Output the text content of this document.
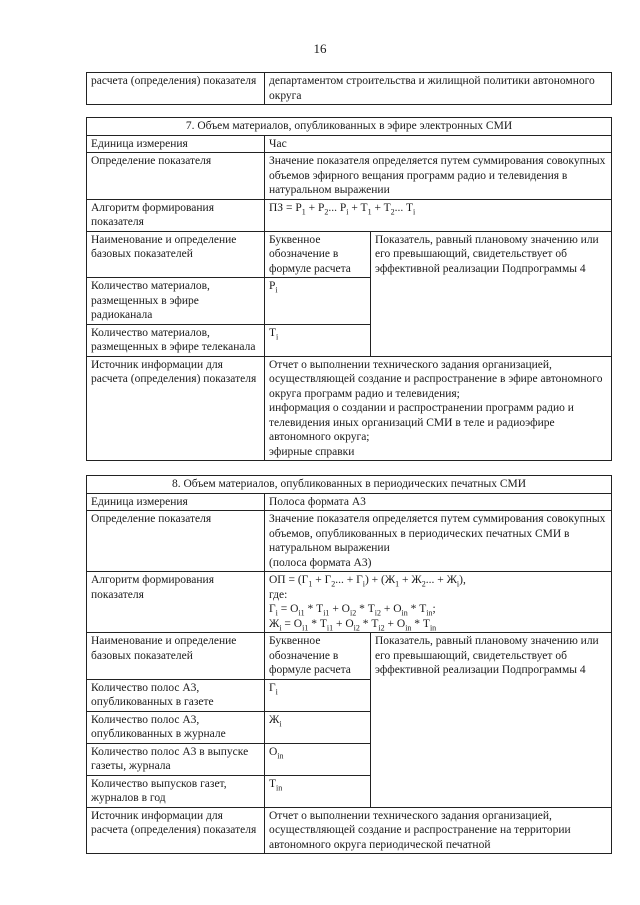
16
расчета (определения) показателя	департаментом строительства и жилищной политики автономного округа
7. Объем материалов, опубликованных в эфире электронных СМИ		
Единица измерения	Час	
Определение показателя	Значение показателя определяется путем суммирования совокупных объемов эфирного вещания программ радио и телевидения в натуральном выражении	
Алгоритм формирования показателя	ПЗ = $P_1 + P_2$... $P_i + T_1 + T_2$... $T_i$
Наименование и определение базовых показателей	Буквенное обозначение в формуле расчета	Показатель, равный плановому значению или его превышающий, свидетельствует об эффективной реализации Подпрограммы 4
Количество материалов, размещенных в эфире радиоканала	$P_i$
Количество материалов, размещенных в эфире телеканала	$T_i$
Источник информации для расчета (определения) показателя	Отчет о выполнении технического задания организацией, осуществляющей создание и распространение в эфире автономного округа программ радио и телевидения;
информация о создании и распространении программ радио и телевидения иных организаций СМИ в теле и радиоэфире автономного округа;
эфирные справки	
8. Объем материалов, опубликованных в периодических печатных СМИ		
Единица измерения	Полоса формата А3	
Определение показателя	Значение показателя определяется путем суммирования совокупных объемов, опубликованных в периодических печатных СМИ в натуральном выражении
(полоса формата А3)	

Алгоритм формирования показателя	ОП = ($Г_1 + Г_2$... + $Г_i) + (Ж_1 + Ж_2$... + $Ж_i$),
где:
$Г_i = О_{i1} * Т_{i1} + О_{i2} * Т_{i2} + О_{in} * Т_{in}$;
$Ж_i = О_{i1} * Т_{i1} + О_{i2} * Т_{i2} + О_{in} * Т_{in}$

Наименование и определение базовых показателей	Буквенное обозначение в формуле расчета	Показатель, равный плановому значению или его превышающий, свидетельствует об эффективной реализации Подпрограммы 4
Количество полос А3, опубликованных в газете	$Г_i$
Количество полос А3, опубликованных в журнале	$Ж_i$
Количество полос А3 в выпуске газеты, журнала	$О_{in}$
Количество выпусков газет, журналов в год	$Т_{in}$
Источник информации для расчета (определения) показателя	Отчет о выполнении технического задания организацией, осуществляющей создание и распространение на территории автономного округа периодической печатной	
